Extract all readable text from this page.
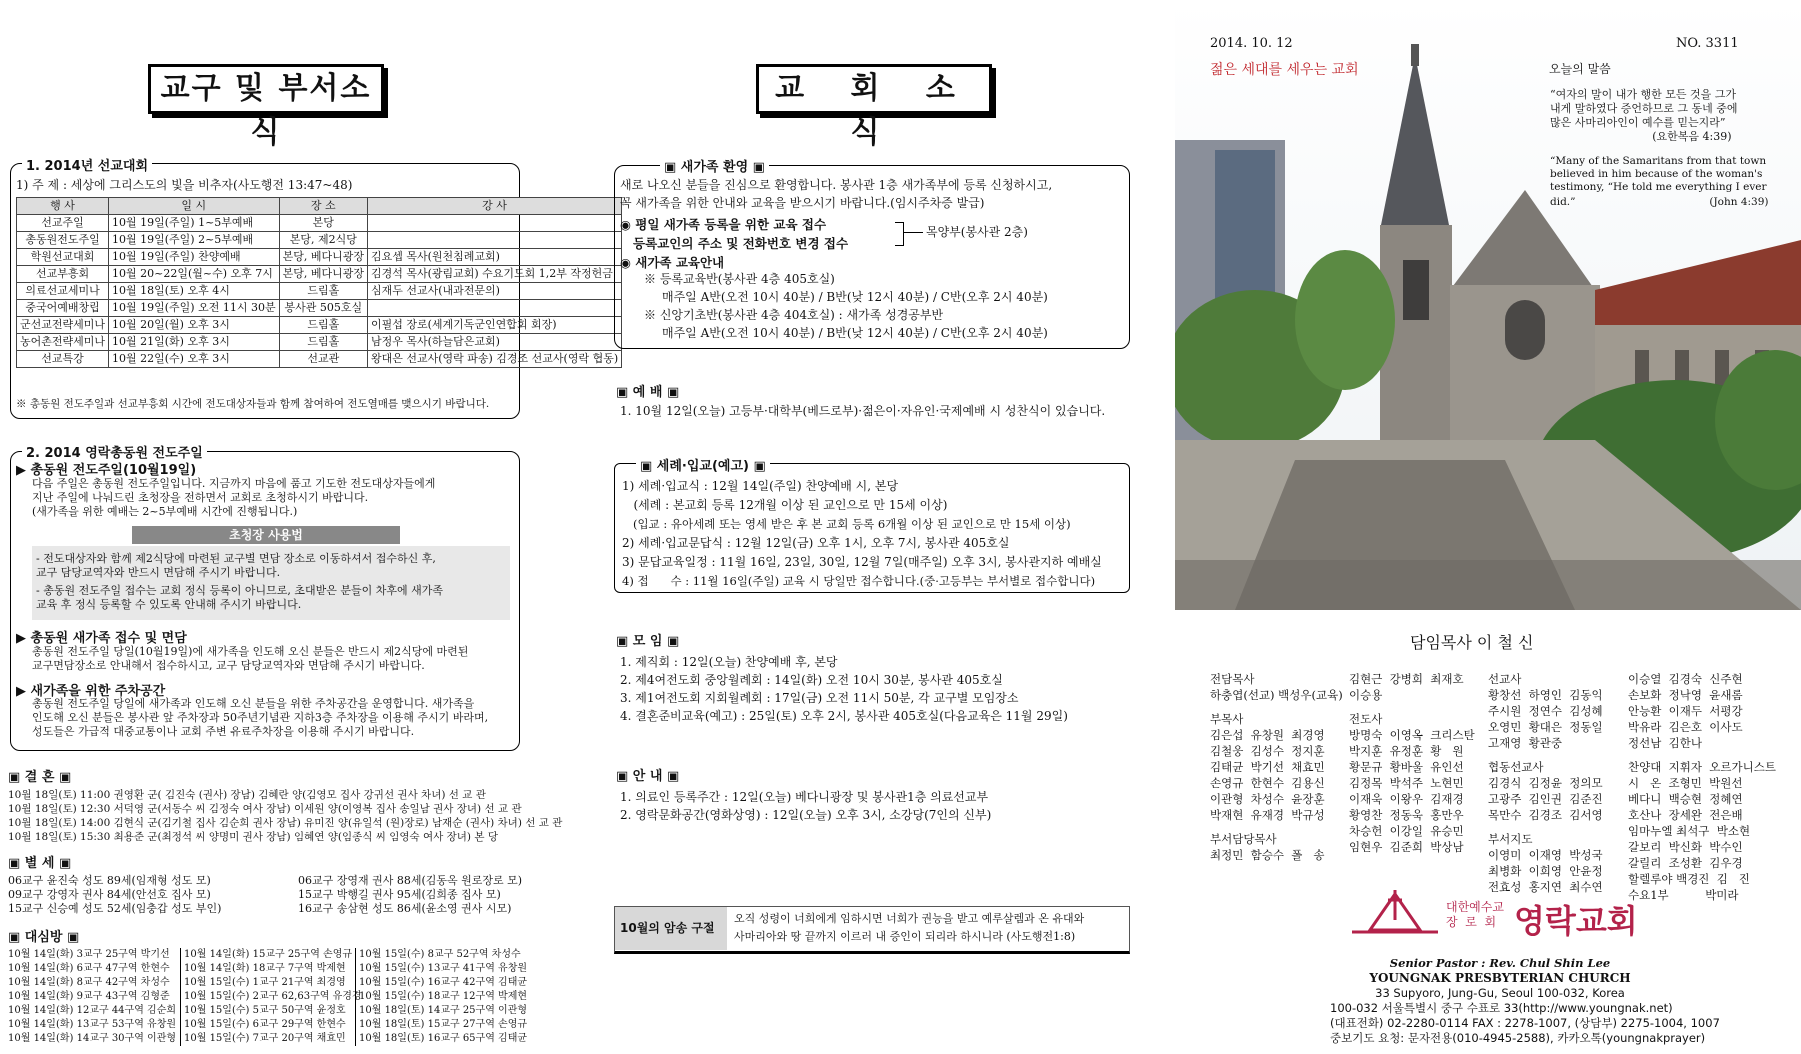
교구 및 부서소식
1. 2014년 선교대회
1) 주 제 : 세상에 그리스도의 빛을 비추자(사도행전 13:47~48)
행 사	일 시	장 소	강 사
선교주일	10월 19일(주일) 1~5부예배	본당	
총동원전도주일	10월 19일(주일) 2~5부예배	본당, 제2식당	
학원선교대회	10월 19일(주일) 찬양예배	본당, 베다니광장	김요셉 목사(원천침례교회)
선교부흥회	10월 20~22일(월~수) 오후 7시	본당, 베다니광장	김경석 목사(광림교회) 수요기도회 1,2부 작정헌금
의료선교세미나	10월 18일(토) 오후 4시	드림홀	심재두 선교사(내과전문의)
중국어예배창립	10월 19일(주일) 오전 11시 30분	봉사관 505호실	
군선교전략세미나	10월 20일(월) 오후 3시	드림홀	이필섭 장로(세계기독군인연합회 회장)
농어촌전략세미나	10월 21일(화) 오후 3시	드림홀	남정우 목사(하늘담은교회)
선교특강	10월 22일(수) 오후 3시	선교관	왕대은 선교사(영락 파송) 김경조 선교사(영락 협동)
※ 총동원 전도주일과 선교부흥회 시간에 전도대상자들과 함께 참여하여 전도열매를 맺으시기 바랍니다.
2. 2014 영락총동원 전도주일
▶ 총동원 전도주일(10월19일)
다음 주일은 총동원 전도주일입니다. 지금까지 마음에 품고 기도한 전도대상자들에게
지난 주일에 나눠드린 초청장을 전하면서 교회로 초청하시기 바랍니다.
(새가족을 위한 예배는 2~5부예배 시간에 진행됩니다.)
초청장 사용법
- 전도대상자와 함께 제2식당에 마련된 교구별 면담 장소로 이동하셔서 접수하신 후,
교구 담당교역자와 반드시 면담해 주시기 바랍니다.
- 총동원 전도주일 접수는 교회 정식 등록이 아니므로, 초대받은 분들이 차후에 새가족
교육 후 정식 등록할 수 있도록 안내해 주시기 바랍니다.
▶ 총동원 새가족 접수 및 면담
총동원 전도주일 당일(10월19일)에 새가족을 인도해 오신 분들은 반드시 제2식당에 마련된
교구면담장소로 안내해서 접수하시고, 교구 담당교역자와 면담해 주시기 바랍니다.
▶ 새가족을 위한 주차공간
총동원 전도주일 당일에 새가족과 인도해 오신 분들을 위한 주차공간을 운영합니다. 새가족을
인도해 오신 분들은 봉사관 앞 주차장과 50주년기념관 지하3층 주차장을 이용해 주시기 바라며,
성도들은 가급적 대중교통이나 교회 주변 유료주차장을 이용해 주시기 바랍니다.
▣ 결 혼 ▣
10월 18일(토) 11:00 권영환 군( 김진숙 (권사) 장남) 김혜란 양(김영모 집사 강귀선 권사 차녀) 선 교 관
10월 18일(토) 12:30 서덕영 군(서동수 씨 김정숙 여사 장남) 이세원 양(이영복 집사 송일남 권사 장녀) 선 교 관
10월 18일(토) 14:00 김현식 군(김기철 집사 김순희 권사 장남) 유미진 양(유일석 (원)장로) 남재순 (권사) 차녀) 선 교 관
10월 18일(토) 15:30 최용준 군(최정석 씨 양명미 권사 장남) 임혜연 양(임종식 씨 임영숙 여사 장녀) 본 당
▣ 별 세 ▣
06교구 윤진숙 성도 89세(임재형 성도 모)
09교구 강영자 권사 84세(안선호 집사 모)
15교구 신승예 성도 52세(임충갑 성도 부인)
06교구 장영재 권사 88세(김동옥 원로장로 모)
15교구 박행길 권사 95세(김희종 집사 모)
16교구 송삼현 성도 86세(윤소영 권사 시모)
▣ 대심방 ▣
10월 14일(화) 3교구 25구역 박기선
10월 14일(화) 6교구 47구역 한현수
10월 14일(화) 8교구 42구역 차성수
10월 14일(화) 9교구 43구역 김형준
10월 14일(화) 12교구 44구역 김순희
10월 14일(화) 13교구 53구역 유창원
10월 14일(화) 14교구 30구역 이관형
10월 14일(화) 15교구 25구역 손영규
10월 14일(화) 18교구 7구역 박제현
10월 15일(수) 1교구 21구역 최경영
10월 15일(수) 2교구 62,63구역 유경경
10월 15일(수) 5교구 50구역 윤정호
10월 15일(수) 6교구 29구역 한현수
10월 15일(수) 7교구 20구역 채효민
10월 15일(수) 8교구 52구역 차성수
10월 15일(수) 13교구 41구역 유창원
10월 15일(수) 16교구 42구역 김태균
10월 15일(수) 18교구 12구역 박제현
10월 18일(토) 14교구 25구역 이관형
10월 18일(토) 15교구 27구역 손영규
10월 18일(토) 16교구 65구역 김태균
교 회 소 식
▣ 새가족 환영 ▣
새로 나오신 분들을 진심으로 환영합니다. 봉사관 1층 새가족부에 등록 신청하시고,
꼭 새가족을 위한 안내와 교육을 받으시기 바랍니다.(임시주차증 발급)
◉ 평일 새가족 등록을 위한 교육 접수
등록교인의 주소 및 전화번호 변경 접수
목양부(봉사관 2층)
◉ 새가족 교육안내
※ 등록교육반(봉사관 4층 405호실)
매주일 A반(오전 10시 40분) / B반(낮 12시 40분) / C반(오후 2시 40분)
※ 신앙기초반(봉사관 4층 404호실) : 새가족 성경공부반
매주일 A반(오전 10시 40분) / B반(낮 12시 40분) / C반(오후 2시 40분)
▣ 예 배 ▣
1. 10월 12일(오늘) 고등부·대학부(베드로부)·젊은이·자유인·국제예배 시 성찬식이 있습니다.
▣ 세례·입교(예고) ▣
1) 세례·입교식 : 12월 14일(주일) 찬양예배 시, 본당
(세례 : 본교회 등록 12개월 이상 된 교인으로 만 15세 이상)
(입교 : 유아세례 또는 영세 받은 후 본 교회 등록 6개월 이상 된 교인으로 만 15세 이상)
2) 세례·입교문답식 : 12월 12일(금) 오후 1시, 오후 7시, 봉사관 405호실
3) 문답교육일정 : 11월 16일, 23일, 30일, 12월 7일(매주일) 오후 3시, 봉사관지하 예배실
4) 접      수 : 11월 16일(주일) 교육 시 당일만 접수합니다.(중·고등부는 부서별로 접수합니다)
▣ 모 임 ▣
1. 제직회 : 12일(오늘) 찬양예배 후, 본당
2. 제4여전도회 중앙월례회 : 14일(화) 오전 10시 30분, 봉사관 405호실
3. 제1여전도회 지회월례회 : 17일(금) 오전 11시 50분, 각 교구별 모임장소
4. 결혼준비교육(예고) : 25일(토) 오후 2시, 봉사관 405호실(다음교육은 11월 29일)
▣ 안 내 ▣
1. 의료인 등록주간 : 12일(오늘) 베다니광장 및 봉사관1층 의료선교부
2. 영락문화공간(영화상영) : 12일(오늘) 오후 3시, 소강당(7인의 신부)
10월의 암송 구절
오직 성령이 너희에게 임하시면 너희가 권능을 받고 예루살렘과 온 유대와
사마리아와 땅 끝까지 이르러 내 증인이 되리라 하시니라 (사도행전1:8)
2014. 10. 12	NO. 3311
젊은 세대를 세우는 교회	오늘의 말씀
“여자의 말이 내가 행한 모든 것을 그가
내게 말하였다 증언하므로 그 동네 중에
많은 사마리아인이 예수를 믿는지라”
(요한복음 4:39)
“Many of the Samaritans from that town
believed in him because of the woman's
testimony, “He told me everything I ever
did.”	(John 4:39)
담임목사 이 철 신
전담목사
하충엽(선교) 백성우(교육)
부목사
김은섭  유창원  최경영
김철웅  김성수  정지훈
김태균  박기선  채효민
손영규  한현수  김용신
이관형  차성수  윤장훈
박재현  유재경  박규성
부서담당목사
최정민  함승수  폴   송
김현근  강병희  최재호
이승용
전도사
방명숙  이영옥  크리스탄
박지훈  유정훈  황   원
황문규  황바울  유인선
김정목  박석주  노현민
이재욱  이왕우  김재경
황영찬  정동욱  홍만우
차승헌  이강일  유승민
임현우  김준희  박상남
선교사
황창선  하영인  김동익
주시원  정연수  김성혜
오영민  황대은  정동일
고재영  황관중
협동선교사
김경식  김정윤  정의모
고광주  김인권  김준진
목만수  김경조  김서영
부서지도
이영미  이재영  박성국
최병화  이희영  안윤정
전효성  홍지연  최수연
이승열  김경숙  신주현
손보화  정낙영  윤새롬
안능환  이재두  서평강
박유라  김은호  이사도
정선남  김한나
찬양대  지휘자  오르가니스트
시   온  조형민  박원선
베다니  백승현  정혜연
호산나  장세완  전은배
임마누엘 최석구  박소현
갈보리  박신화  박수인
갈릴리  조성환  김우경
할렐루야 백경진  김   진
수요1부          박미라
대한예수교
장  로  회 영락교회
Senior Pastor : Rev. Chul Shin Lee
YOUNGNAK PRESBYTERIAN CHURCH
33 Supyoro, Jung-Gu, Seoul 100-032, Korea
100-032 서울특별시 중구 수표로 33(http://www.youngnak.net)
(대표전화) 02-2280-0114 FAX : 2278-1007, (상담부) 2275-1004, 1007
중보기도 요청: 문자전용(010-4945-2588), 카카오톡(youngnakprayer)
